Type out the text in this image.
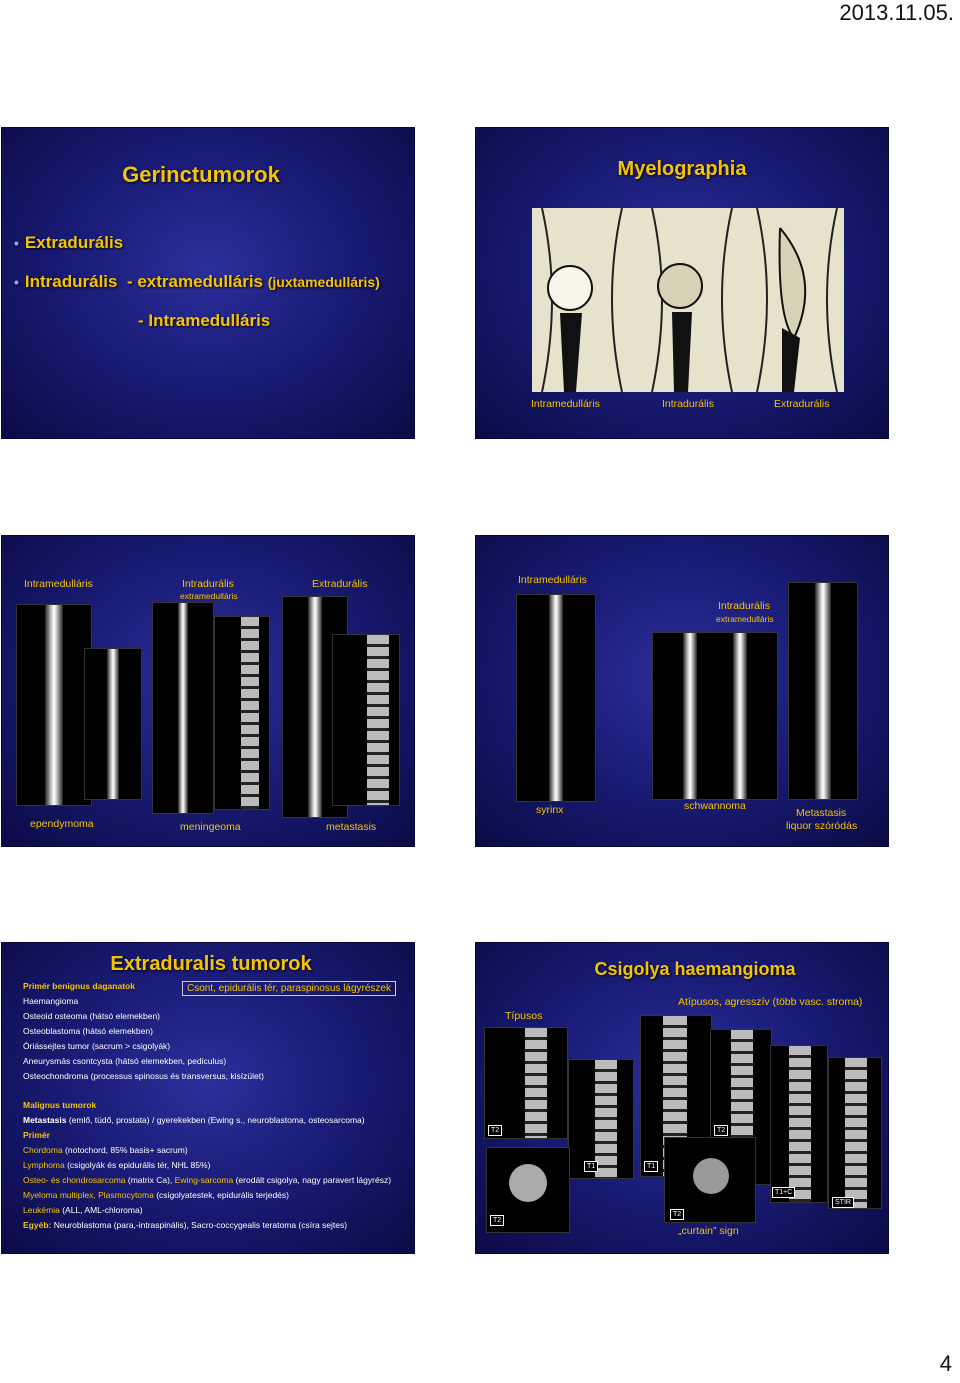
2013.11.05.
Gerinctumorok
• Extradurális
• Intradurális - extramedulláris (juxtamedulláris)
- Intramedulláris
Myelographia
Intramedulláris	Intradurális	Extradurális
Intramedulláris	Intradurális
extramedulláris
Extradurális
ependymoma	meningeoma	metastasis
Intramedulláris
Intradurális
extramedulláris
syrinx	schwannoma
Metastasis
liquor szóródás
Extraduralis tumorok
Primér benignus daganatok	Csont, epidurális tér, paraspinosus lágyrészek
Haemangioma
Osteoid osteoma (hátsó elemekben)
Osteoblastoma (hátsó elemekben)
Óriássejtes tumor (sacrum > csigolyák)
Aneurysmás csontcysta (hátsó elemekben, pediculus)
Osteochondroma (processus spinosus és transversus, kisízület)
Malignus tumorok
Metastasis (emlő, tüdő, prostata) / gyerekekben (Ewing s., neuroblastoma, osteosarcoma)
Primér
Chordoma (notochord, 85% basis+ sacrum)
Lymphoma (csigolyák és epidurális tér, NHL 85%)
Osteo- és chondrosarcoma (matrix Ca), Ewing-sarcoma (erodált csigolya, nagy paravert lágyrész)
Myeloma multiplex, Plasmocytoma (csigolyatestek, epidurális terjedés)
Leukémia (ALL, AML-chloroma)
Egyéb: Neuroblastoma (para,-intraspinális), Sacro-coccygealis teratoma (csíra sejtes)
Csigolya haemangioma
Típusos
Atípusos, agresszív (több vasc. stroma)
T2
T1
T2
T1
T2
T1+C
STIR
T2
„curtain” sign
4
